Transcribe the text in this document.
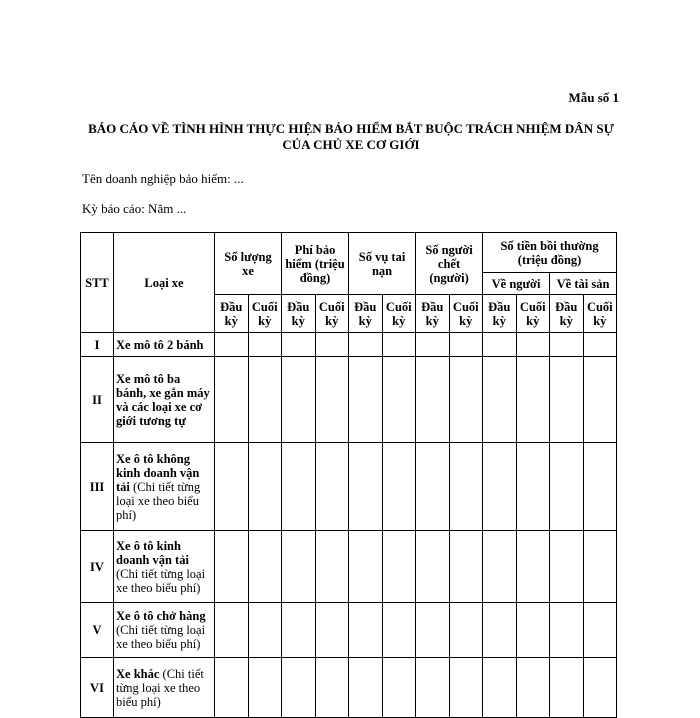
Mẫu số 1
BÁO CÁO VỀ TÌNH HÌNH THỰC HIỆN BẢO HIỂM BẮT BUỘC TRÁCH NHIỆM DÂN SỰ CỦA CHỦ XE CƠ GIỚI
Tên doanh nghiệp bảo hiểm: ...
Kỳ báo cáo: Năm ...
STT	Loại xe	Số lượng xe		Phí bảo hiểm (triệu đồng)		Số vụ tai nạn		Số người chết (người)		Số tiền bồi thường (triệu đồng)			
										Về người		Về tài sản	
		Đầu kỳ	Cuối kỳ	Đầu kỳ	Cuối kỳ	Đầu kỳ	Cuối kỳ	Đầu kỳ	Cuối kỳ	Đầu kỳ	Cuối kỳ	Đầu kỳ	Cuối kỳ
I	Xe mô tô 2 bánh												
II	Xe mô tô ba bánh, xe gắn máy và các loại xe cơ giới tương tự												
III	Xe ô tô không kinh doanh vận tải (Chi tiết từng loại xe theo biểu phí)												
IV	Xe ô tô kinh doanh vận tải (Chi tiết từng loại xe theo biểu phí)												
V	Xe ô tô chở hàng (Chi tiết từng loại xe theo biểu phí)												
VI	Xe khác (Chi tiết từng loại xe theo biểu phí)												
